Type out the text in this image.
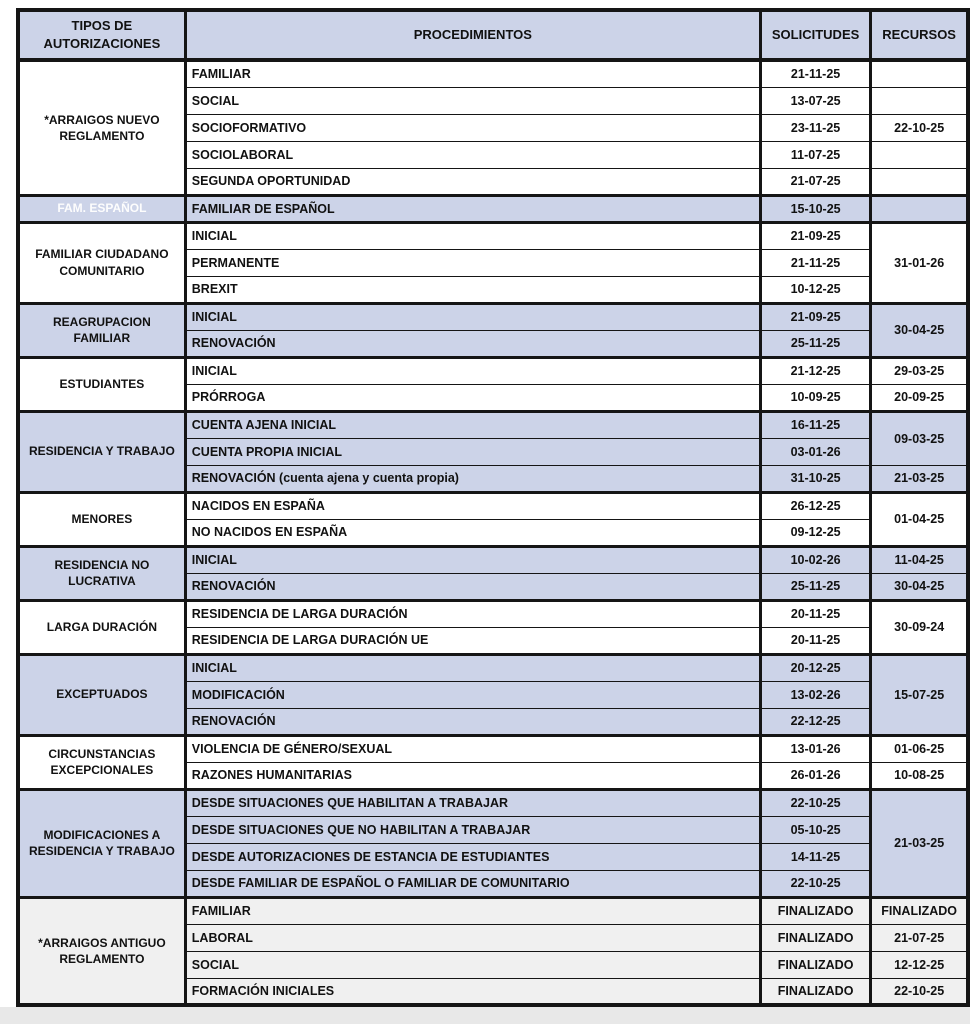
TIPOS DE AUTORIZACIONES	PROCEDIMIENTOS	SOLICITUDES	RECURSOS
*ARRAIGOS NUEVO REGLAMENTO	FAMILIAR	21-11-25	
	SOCIAL	13-07-25	
	SOCIOFORMATIVO	23-11-25	22-10-25
	SOCIOLABORAL	11-07-25	
	SEGUNDA OPORTUNIDAD	21-07-25	
FAM. ESPAÑOL	FAMILIAR DE ESPAÑOL	15-10-25	
FAMILIAR CIUDADANO COMUNITARIO	INICIAL	21-09-25	31-01-26
	PERMANENTE	21-11-25	
	BREXIT	10-12-25	
REAGRUPACION FAMILIAR	INICIAL	21-09-25	30-04-25
	RENOVACIÓN	25-11-25	
ESTUDIANTES	INICIAL	21-12-25	29-03-25
	PRÓRROGA	10-09-25	20-09-25
RESIDENCIA Y TRABAJO	CUENTA AJENA INICIAL	16-11-25	09-03-25
	CUENTA PROPIA INICIAL	03-01-26	
	RENOVACIÓN (cuenta ajena y cuenta propia)	31-10-25	21-03-25
MENORES	NACIDOS EN ESPAÑA	26-12-25	01-04-25
	NO NACIDOS EN ESPAÑA	09-12-25	
RESIDENCIA NO LUCRATIVA	INICIAL	10-02-26	11-04-25
	RENOVACIÓN	25-11-25	30-04-25
LARGA DURACIÓN	RESIDENCIA DE LARGA DURACIÓN	20-11-25	30-09-24
	RESIDENCIA DE LARGA DURACIÓN UE	20-11-25	
EXCEPTUADOS	INICIAL	20-12-25	15-07-25
	MODIFICACIÓN	13-02-26	
	RENOVACIÓN	22-12-25	
CIRCUNSTANCIAS EXCEPCIONALES	VIOLENCIA DE GÉNERO/SEXUAL	13-01-26	01-06-25
	RAZONES HUMANITARIAS	26-01-26	10-08-25
MODIFICACIONES A RESIDENCIA Y TRABAJO	DESDE SITUACIONES QUE HABILITAN A TRABAJAR	22-10-25	21-03-25
	DESDE SITUACIONES QUE NO HABILITAN A TRABAJAR	05-10-25	
	DESDE AUTORIZACIONES DE ESTANCIA DE ESTUDIANTES	14-11-25	
	DESDE FAMILIAR DE ESPAÑOL O FAMILIAR DE COMUNITARIO	22-10-25	
*ARRAIGOS ANTIGUO REGLAMENTO	FAMILIAR	FINALIZADO	FINALIZADO
	LABORAL	FINALIZADO	21-07-25
	SOCIAL	FINALIZADO	12-12-25
	FORMACIÓN INICIALES	FINALIZADO	22-10-25
